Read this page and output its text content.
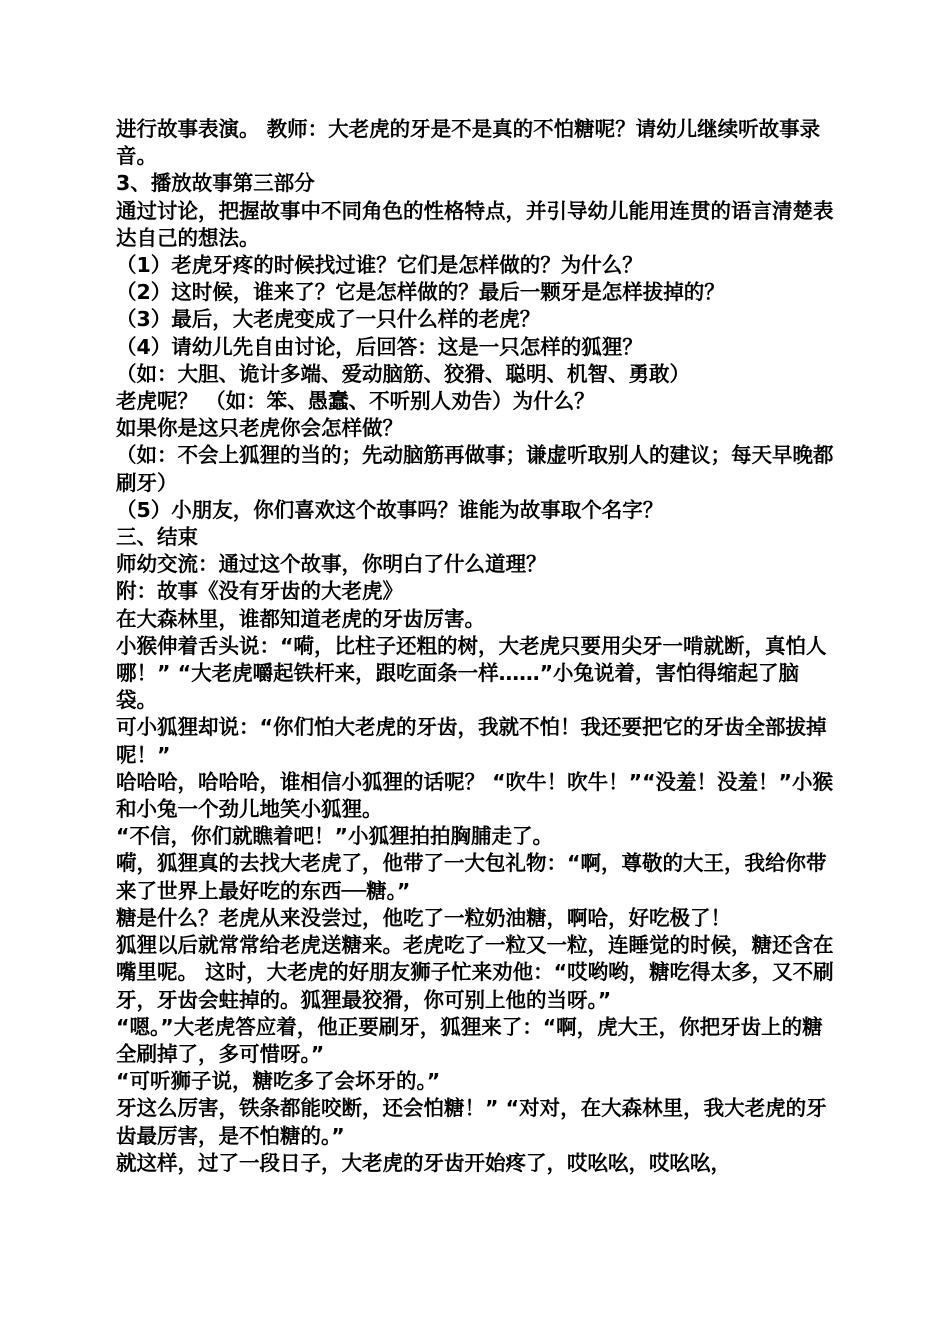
进行故事表演。 教师：大老虎的牙是不是真的不怕糖呢？请幼儿继续听故事录音。

3、播放故事第三部分

通过讨论，把握故事中不同角色的性格特点，并引导幼儿能用连贯的语言清楚表达自己的想法。

（1）老虎牙疼的时候找过谁？它们是怎样做的？为什么？

（2）这时候，谁来了？它是怎样做的？最后一颗牙是怎样拔掉的？

（3）最后，大老虎变成了一只什么样的老虎？

（4）请幼儿先自由讨论，后回答：这是一只怎样的狐狸？

（如：大胆、诡计多端、爱动脑筋、狡猾、聪明、机智、勇敢）

老虎呢？ （如：笨、愚蠢、不听别人劝告）为什么？

如果你是这只老虎你会怎样做？

（如：不会上狐狸的当的；先动脑筋再做事；谦虚听取别人的建议；每天早晚都刷牙）

（5）小朋友，你们喜欢这个故事吗？谁能为故事取个名字？

三、结束

师幼交流：通过这个故事，你明白了什么道理？

附：故事《没有牙齿的大老虎》

在大森林里，谁都知道老虎的牙齿厉害。

小猴伸着舌头说：“嗬，比柱子还粗的树，大老虎只要用尖牙一啃就断，真怕人哪！” “大老虎嚼起铁杆来，跟吃面条一样……”小兔说着，害怕得缩起了脑袋。

可小狐狸却说：“你们怕大老虎的牙齿，我就不怕！我还要把它的牙齿全部拔掉呢！”

哈哈哈，哈哈哈，谁相信小狐狸的话呢？ “吹牛！吹牛！”“没羞！没羞！”小猴和小兔一个劲儿地笑小狐狸。

“不信，你们就瞧着吧！”小狐狸拍拍胸脯走了。

嗬，狐狸真的去找大老虎了，他带了一大包礼物：“啊，尊敬的大王，我给你带来了世界上最好吃的东西──糖。”

糖是什么？老虎从来没尝过，他吃了一粒奶油糖，啊哈，好吃极了！

狐狸以后就常常给老虎送糖来。老虎吃了一粒又一粒，连睡觉的时候，糖还含在嘴里呢。 这时，大老虎的好朋友狮子忙来劝他：“哎哟哟，糖吃得太多，又不刷牙，牙齿会蛀掉的。狐狸最狡猾，你可别上他的当呀。”

“嗯。”大老虎答应着，他正要刷牙，狐狸来了：“啊，虎大王，你把牙齿上的糖全刷掉了，多可惜呀。”

“可听狮子说，糖吃多了会坏牙的。”

牙这么厉害，铁条都能咬断，还会怕糖！” “对对，在大森林里，我大老虎的牙齿最厉害，是不怕糖的。”

就这样，过了一段日子，大老虎的牙齿开始疼了，哎吆吆，哎吆吆，
